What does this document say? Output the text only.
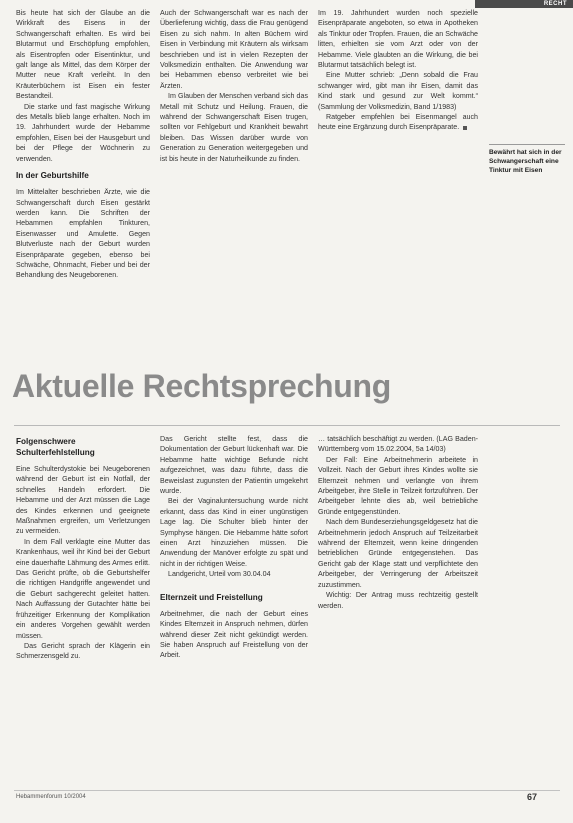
RECHT

Bis heute hat sich der Glaube an die Wirkkraft des Eisens in der Schwangerschaft erhalten. Es wird bei Blutarmut und Erschöpfung empfohlen, als Eisentropfen oder Eisentinktur, und galt lange als Mittel, das dem Körper der Mutter neue Kraft verleiht. In den Kräuterbüchern ist Eisen ein fester Bestandteil.

Die starke und fast magische Wirkung des Metalls blieb lange erhalten. Noch im 19. Jahrhundert wurde der Hebamme empfohlen, Eisen bei der Hausgeburt und bei der Pflege der Wöchnerin zu verwenden.

In der Geburtshilfe

Im Mittelalter beschrieben Ärzte, wie die Schwangerschaft durch Eisen gestärkt werden kann. Die Schriften der Hebammen empfahlen Tinkturen, Eisenwasser und Amulette. Gegen Blutverluste nach der Geburt wurden Eisenpräparate gegeben, ebenso bei Schwäche, Ohnmacht, Fieber und bei der Behandlung des Neugeborenen.

Auch der Schwangerschaft war es nach der Überlieferung wichtig, dass die Frau genügend Eisen zu sich nahm. In alten Büchern wird Eisen in Verbindung mit Kräutern als wirksam beschrieben und ist in vielen Rezepten der Volksmedizin enthalten. Die Anwendung war bei Hebammen ebenso verbreitet wie bei Ärzten.

Im Glauben der Menschen verband sich das Metall mit Schutz und Heilung. Frauen, die während der Schwangerschaft Eisen trugen, sollten vor Fehlgeburt und Krankheit bewahrt bleiben. Das Wissen darüber wurde von Generation zu Generation weitergegeben und ist bis heute in der Naturheilkunde zu finden.

Im 19. Jahrhundert wurden noch spezielle Eisenpräparate angeboten, so etwa in Apotheken als Tinktur oder Tropfen. Frauen, die an Schwäche litten, erhielten sie vom Arzt oder von der Hebamme. Viele glaubten an die Wirkung, die bei Blutarmut tatsächlich belegt ist.

Eine Mutter schrieb: „Denn sobald die Frau schwanger wird, gibt man ihr Eisen, damit das Kind stark und gesund zur Welt kommt.“ (Sammlung der Volksmedizin, Band 1/1983)

Ratgeber empfehlen bei Eisenmangel auch heute eine Ergänzung durch Eisenpräparate.

Bewährt hat sich in der Schwangerschaft eine Tinktur mit Eisen
Aktuelle Rechtsprechung
Folgenschwere Schulterfehlstellung

Eine Schulterdystokie bei Neugeborenen während der Geburt ist ein Notfall, der schnelles Handeln erfordert. Die Hebamme und der Arzt müssen die Lage des Kindes erkennen und geeignete Maßnahmen ergreifen, um Verletzungen zu vermeiden.

In dem Fall verklagte eine Mutter das Krankenhaus, weil ihr Kind bei der Geburt eine dauerhafte Lähmung des Armes erlitt. Das Gericht prüfte, ob die Geburtshelfer die richtigen Handgriffe angewendet und die Geburt sachgerecht geleitet hatten. Nach Auffassung der Gutachter hätte bei frühzeitiger Erkennung der Komplikation ein anderes Vorgehen gewählt werden müssen.

Das Gericht sprach der Klägerin ein Schmerzensgeld zu.

Das Gericht stellte fest, dass die Dokumentation der Geburt lückenhaft war. Die Hebamme hatte wichtige Befunde nicht aufgezeichnet, was dazu führte, dass die Beweislast zugunsten der Patientin umgekehrt wurde.

Bei der Vaginaluntersuchung wurde nicht erkannt, dass das Kind in einer ungünstigen Lage lag. Die Schulter blieb hinter der Symphyse hängen. Die Hebamme hätte sofort einen Arzt hinzuziehen müssen. Die Anwendung der Manöver erfolgte zu spät und nicht in der richtigen Weise.

Landgericht, Urteil vom 30.04.04

Elternzeit und Freistellung

Arbeitnehmer, die nach der Geburt eines Kindes Elternzeit in Anspruch nehmen, dürfen während dieser Zeit nicht gekündigt werden. Sie haben Anspruch auf Freistellung von der Arbeit.

… tatsächlich beschäftigt zu werden. (LAG Baden-Württemberg vom 15.02.2004, 5a 14/03)

Der Fall: Eine Arbeitnehmerin arbeitete in Vollzeit. Nach der Geburt ihres Kindes wollte sie Elternzeit nehmen und verlangte von ihrem Arbeitgeber, ihre Stelle in Teilzeit fortzuführen. Der Arbeitgeber lehnte dies ab, weil betriebliche Gründe entgegenstünden.

Nach dem Bundeserziehungsgeldgesetz hat die Arbeitnehmerin jedoch Anspruch auf Teilzeitarbeit während der Elternzeit, wenn keine dringenden betrieblichen Gründe entgegenstehen. Das Gericht gab der Klage statt und verpflichtete den Arbeitgeber, der Verringerung der Arbeitszeit zuzustimmen.

Wichtig: Der Antrag muss rechtzeitig gestellt werden.

Hebammenforum 10/2004	67
